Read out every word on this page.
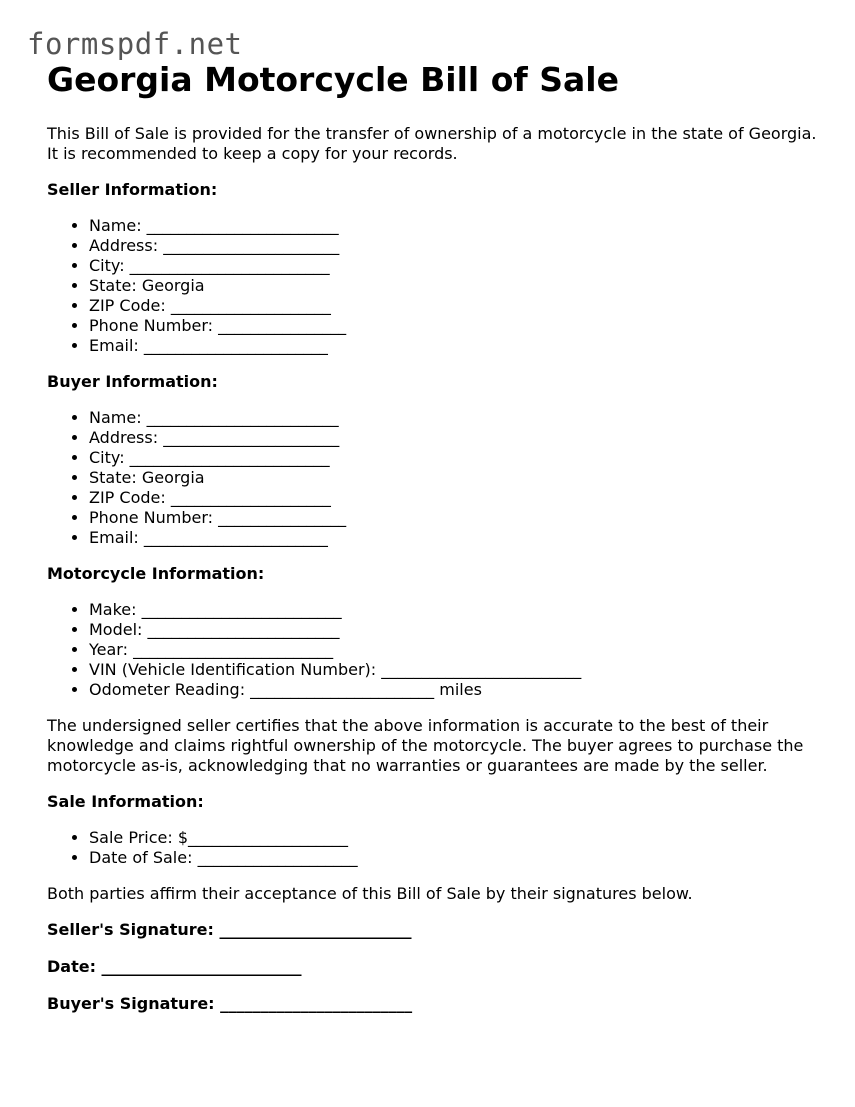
formspdf.net
Georgia Motorcycle Bill of Sale

This Bill of Sale is provided for the transfer of ownership of a motorcycle in the state of Georgia. It is recommended to keep a copy for your records.

Seller Information:

• Name: ________________________
• Address: ______________________
• City: _________________________
• State: Georgia
• ZIP Code: ____________________
• Phone Number: ________________
• Email: _______________________

Buyer Information:

• Name: ________________________
• Address: ______________________
• City: _________________________
• State: Georgia
• ZIP Code: ____________________
• Phone Number: ________________
• Email: _______________________

Motorcycle Information:

• Make: _________________________
• Model: ________________________
• Year: _________________________
• VIN (Vehicle Identification Number): _________________________
• Odometer Reading: _______________________ miles

The undersigned seller certifies that the above information is accurate to the best of their knowledge and claims rightful ownership of the motorcycle. The buyer agrees to purchase the motorcycle as-is, acknowledging that no warranties or guarantees are made by the seller.

Sale Information:

• Sale Price: $____________________
• Date of Sale: ____________________

Both parties affirm their acceptance of this Bill of Sale by their signatures below.

Seller's Signature: ________________________

Date: _________________________

Buyer's Signature: ________________________
